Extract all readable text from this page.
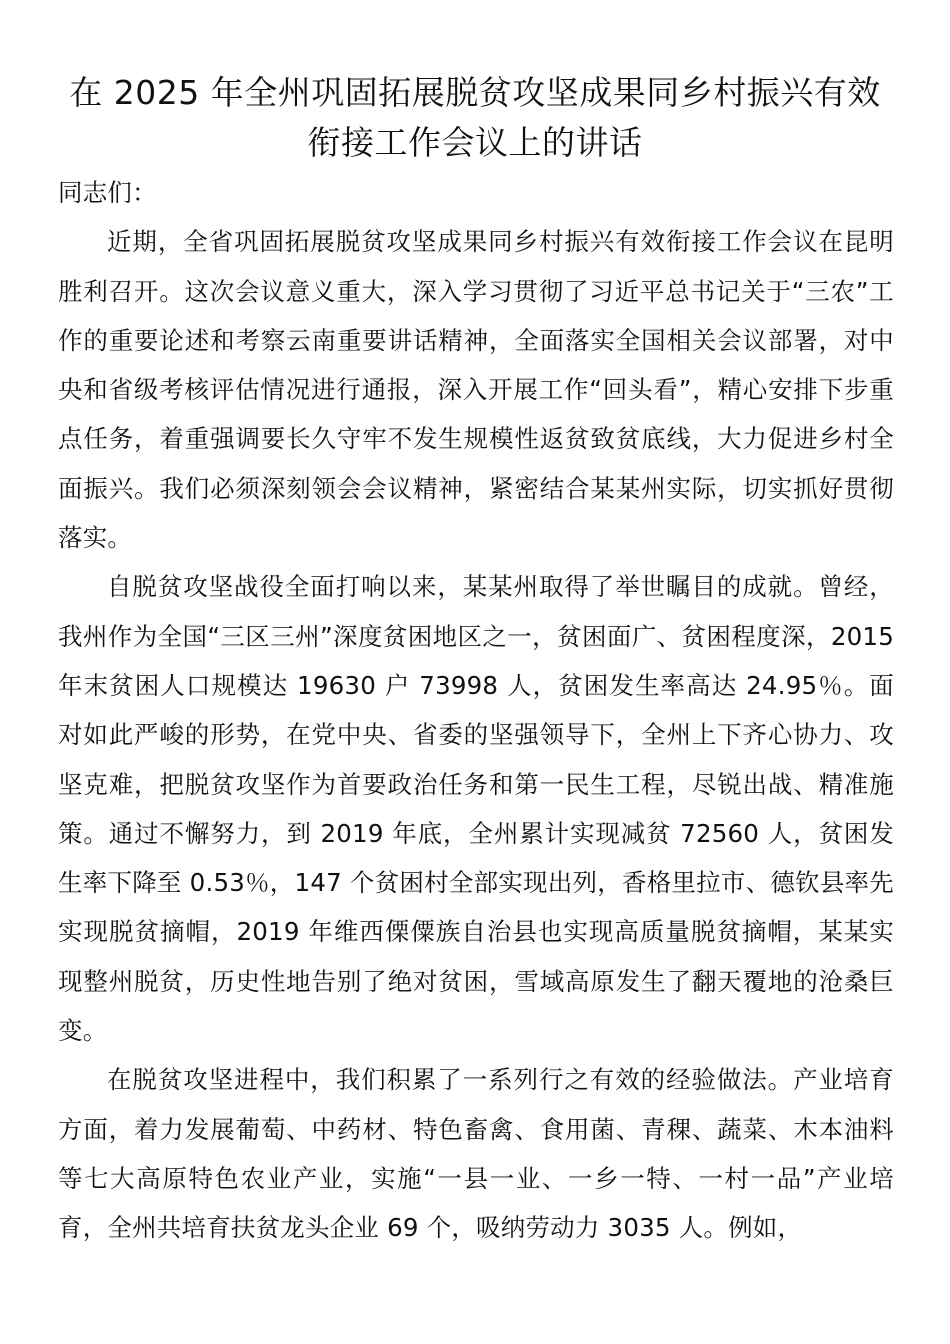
在 2025 年全州巩固拓展脱贫攻坚成果同乡村振兴有效衔接工作会议上的讲话

同志们：

近期，全省巩固拓展脱贫攻坚成果同乡村振兴有效衔接工作会议在昆明胜利召开。这次会议意义重大，深入学习贯彻了习近平总书记关于“三农”工作的重要论述和考察云南重要讲话精神，全面落实全国相关会议部署，对中央和省级考核评估情况进行通报，深入开展工作“回头看”，精心安排下步重点任务，着重强调要长久守牢不发生规模性返贫致贫底线，大力促进乡村全面振兴。我们必须深刻领会会议精神，紧密结合某某州实际，切实抓好贯彻落实。

自脱贫攻坚战役全面打响以来，某某州取得了举世瞩目的成就。曾经，我州作为全国“三区三州”深度贫困地区之一，贫困面广、贫困程度深，2015 年末贫困人口规模达 19630 户 73998 人，贫困发生率高达 24.95％。面对如此严峻的形势，在党中央、省委的坚强领导下，全州上下齐心协力、攻坚克难，把脱贫攻坚作为首要政治任务和第一民生工程，尽锐出战、精准施策。通过不懈努力，到 2019 年底，全州累计实现减贫 72560 人，贫困发生率下降至 0.53％，147 个贫困村全部实现出列，香格里拉市、德钦县率先实现脱贫摘帽，2019 年维西傈僳族自治县也实现高质量脱贫摘帽，某某实现整州脱贫，历史性地告别了绝对贫困，雪域高原发生了翻天覆地的沧桑巨变。

在脱贫攻坚进程中，我们积累了一系列行之有效的经验做法。产业培育方面，着力发展葡萄、中药材、特色畜禽、食用菌、青稞、蔬菜、木本油料等七大高原特色农业产业，实施“一县一业、一乡一特、一村一品”产业培育，全州共培育扶贫龙头企业 69 个，吸纳劳动力 3035 人。例如，
